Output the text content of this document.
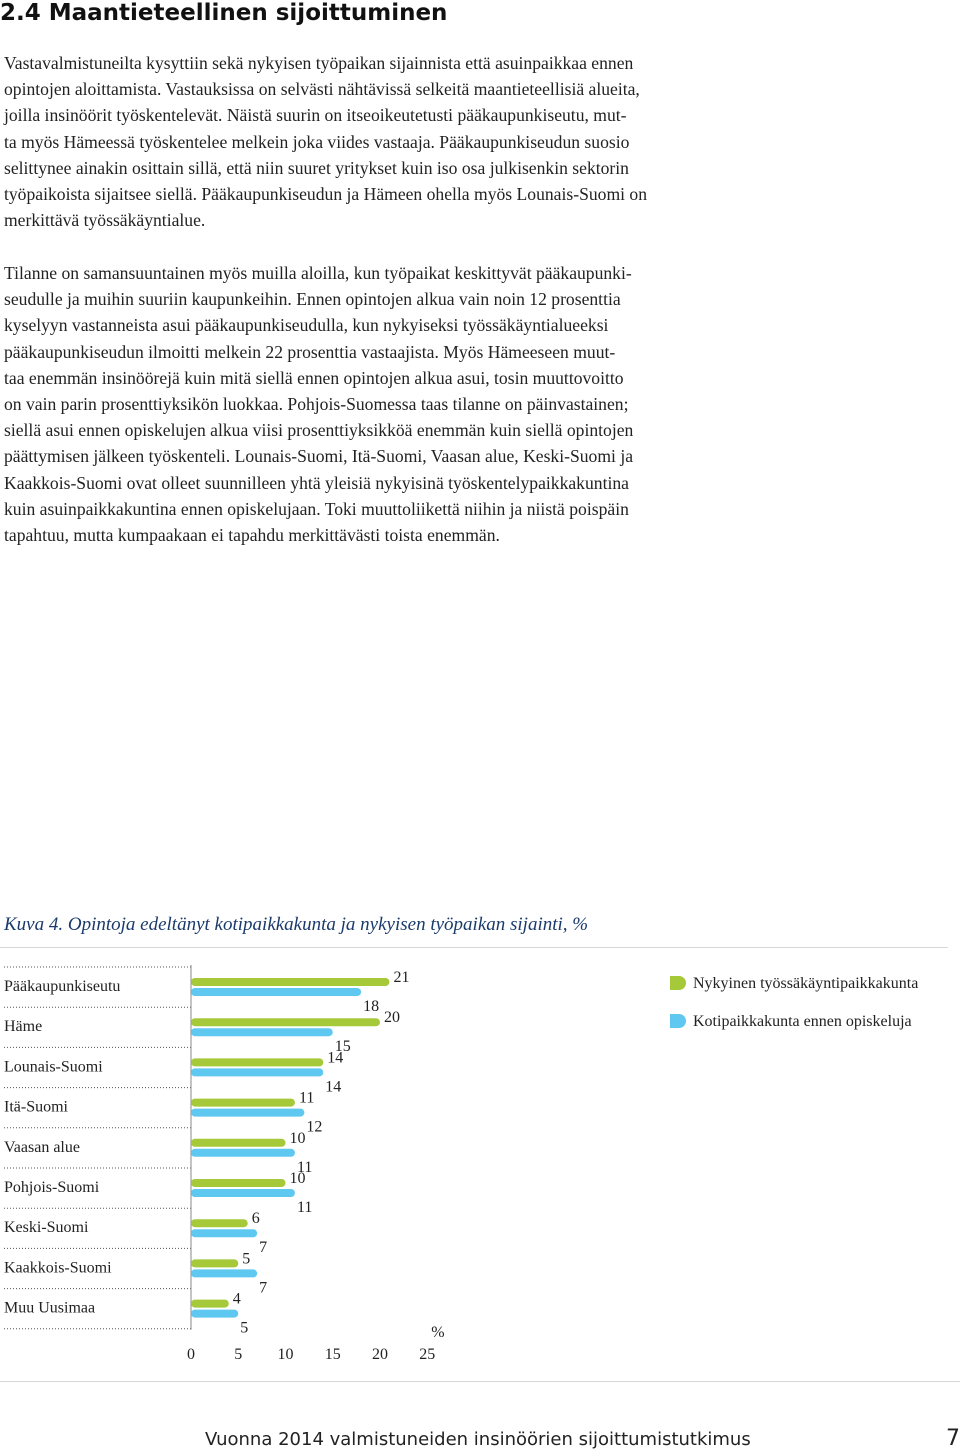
2.4 Maantieteellinen sijoittuminen
Vastavalmistuneilta kysyttiin sekä nykyisen työpaikan sijainnista että asuinpaikkaa ennen
opintojen aloittamista. Vastauksissa on selvästi nähtävissä selkeitä maantieteellisiä alueita,
joilla insinöörit työskentelevät. Näistä suurin on itseoikeutetusti pääkaupunkiseutu, mut-
ta myös Hämeessä työskentelee melkein joka viides vastaaja. Pääkaupunkiseudun suosio
selittynee ainakin osittain sillä, että niin suuret yritykset kuin iso osa julkisenkin sektorin
työpaikoista sijaitsee siellä. Pääkaupunkiseudun ja Hämeen ohella myös Lounais-Suomi on
merkittävä työssäkäyntialue.
Tilanne on samansuuntainen myös muilla aloilla, kun työpaikat keskittyvät pääkaupunki-
seudulle ja muihin suuriin kaupunkeihin. Ennen opintojen alkua vain noin 12 prosenttia
kyselyyn vastanneista asui pääkaupunkiseudulla, kun nykyiseksi työssäkäyntialueeksi
pääkaupunkiseudun ilmoitti melkein 22 prosenttia vastaajista. Myös Hämeeseen muut-
taa enemmän insinöörejä kuin mitä siellä ennen opintojen alkua asui, tosin muuttovoitto
on vain parin prosenttiyksikön luokkaa. Pohjois-Suomessa taas tilanne on päinvastainen;
siellä asui ennen opiskelujen alkua viisi prosenttiyksikköä enemmän kuin siellä opintojen
päättymisen jälkeen työskenteli. Lounais-Suomi, Itä-Suomi, Vaasan alue, Keski-Suomi ja
Kaakkois-Suomi ovat olleet suunnilleen yhtä yleisiä nykyisinä työskentelypaikkakuntina
kuin asuinpaikkakuntina ennen opiskelujaan. Toki muuttoliikettä niihin ja niistä poispäin
tapahtuu, mutta kumpaakaan ei tapahdu merkittävästi toista enemmän.
Kuva 4. Opintoja edeltänyt kotipaikkakunta ja nykyisen työpaikan sijainti, %
Pääkaupunkiseutu
21
18
Häme
20
15
Lounais-Suomi
14
14
Itä-Suomi
11
12
Vaasan alue
10
11
Pohjois-Suomi
10
11
Keski-Suomi
6
7
Kaakkois-Suomi
5
7
Muu Uusimaa
4
5
0 5 10 15 20 25
%
Nykyinen työssäkäyntipaikkakunta
Kotipaikkakunta ennen opiskeluja
Vuonna 2014 valmistuneiden insinöörien sijoittumistutkimus	7
